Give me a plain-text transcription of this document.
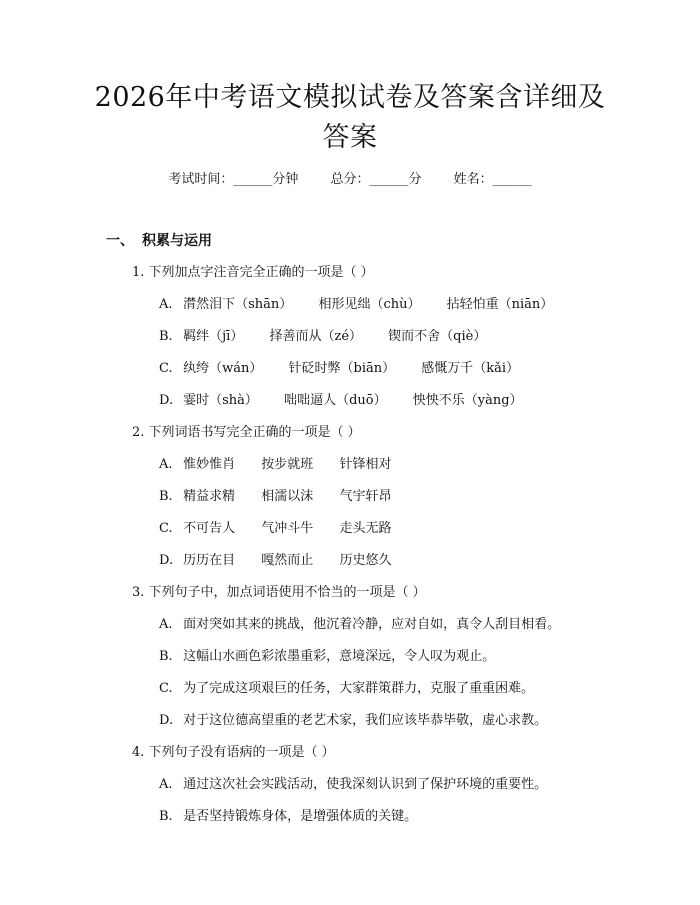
2026年中考语文模拟试卷及答案含详细及答案
考试时间：______分钟 总分：______分 姓名：______
一、 积累与运用
1. 下列加点字注音完全正确的一项是（ ）
A. 潸然泪下（shān） 相形见绌（chù） 拈轻怕重（niān）
B. 羁绊（jī） 择善而从（zé） 锲而不舍（qiè）
C. 纨绔（wán） 针砭时弊（biān） 感慨万千（kǎi）
D. 霎时（shà） 咄咄逼人（duō） 怏怏不乐（yàng）
2. 下列词语书写完全正确的一项是（ ）
A. 惟妙惟肖 按步就班 针锋相对
B. 精益求精 相濡以沫 气宇轩昂
C. 不可告人 气冲斗牛 走头无路
D. 历历在目 嘎然而止 历史悠久
3. 下列句子中，加点词语使用不恰当的一项是（ ）
A. 面对突如其来的挑战，他沉着冷静，应对自如，真令人刮目相看。
B. 这幅山水画色彩浓墨重彩，意境深远，令人叹为观止。
C. 为了完成这项艰巨的任务，大家群策群力，克服了重重困难。
D. 对于这位德高望重的老艺术家，我们应该毕恭毕敬，虚心求教。
4. 下列句子没有语病的一项是（ ）
A. 通过这次社会实践活动，使我深刻认识到了保护环境的重要性。
B. 是否坚持锻炼身体，是增强体质的关键。
